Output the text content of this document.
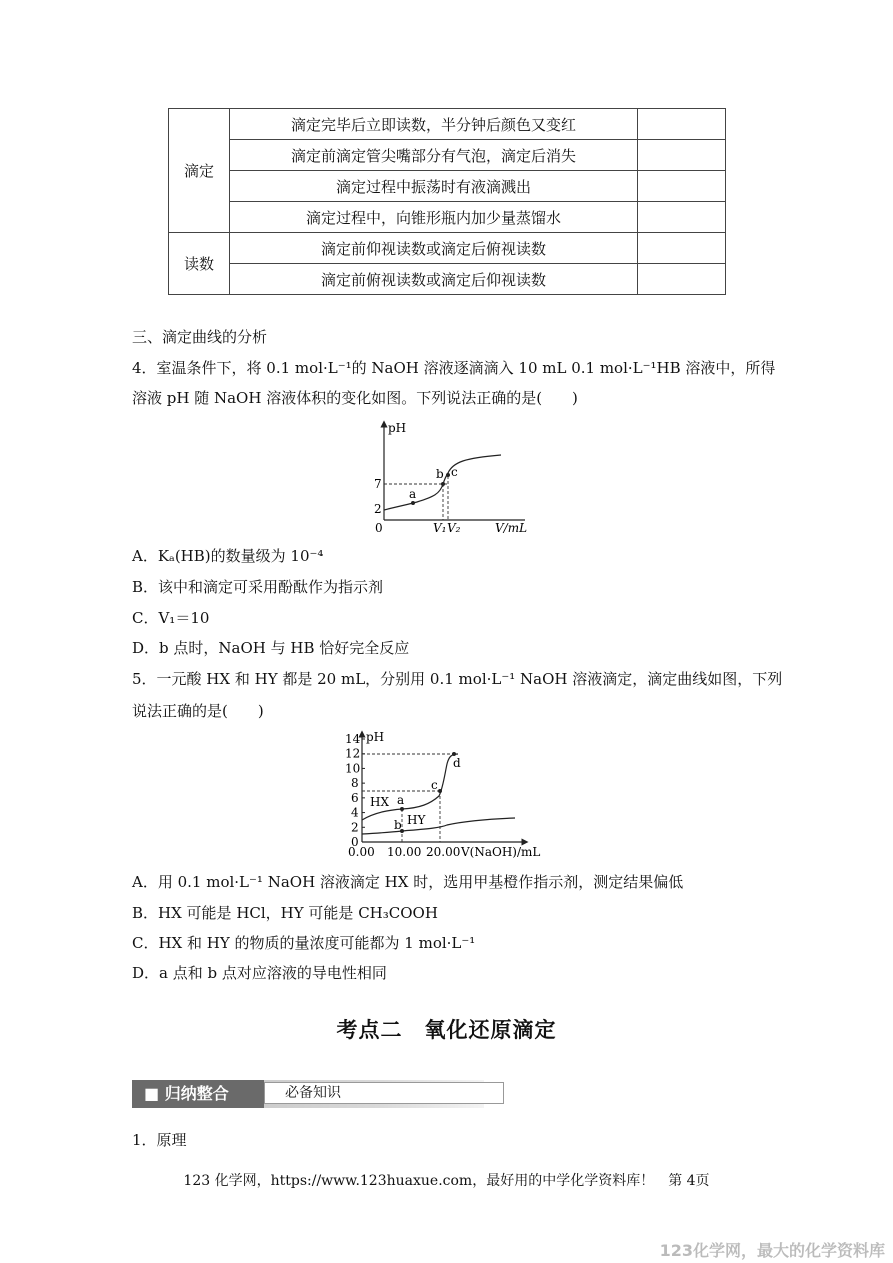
滴定	滴定完毕后立即读数，半分钟后颜色又变红	
	滴定前滴定管尖嘴部分有气泡，滴定后消失	
	滴定过程中振荡时有液滴溅出	
	滴定过程中，向锥形瓶内加少量蒸馏水	
读数	滴定前仰视读数或滴定后俯视读数	
	滴定前俯视读数或滴定后仰视读数	
三、滴定曲线的分析
4．室温条件下，将 0.1 mol·L⁻¹的 NaOH 溶液逐滴滴入 10 mL 0.1 mol·L⁻¹HB 溶液中，所得
溶液 pH 随 NaOH 溶液体积的变化如图。下列说法正确的是(　　)
pH
0
2
7
a
b c
V₁ V₂	V/mL
A．Kₐ(HB)的数量级为 10⁻⁴
B．该中和滴定可采用酚酞作为指示剂
C．V₁＝10
D．b 点时，NaOH 与 HB 恰好完全反应
5．一元酸 HX 和 HY 都是 20 mL，分别用 0.1 mol·L⁻¹ NaOH 溶液滴定，滴定曲线如图，下列
说法正确的是(　　)
pH
0
2
4
6
8
10
12
14
0.00 10.00 20.00
HX
HY
a
b
c
d
V(NaOH)/mL
A．用 0.1 mol·L⁻¹ NaOH 溶液滴定 HX 时，选用甲基橙作指示剂，测定结果偏低
B．HX 可能是 HCl，HY 可能是 CH₃COOH
C．HX 和 HY 的物质的量浓度可能都为 1 mol·L⁻¹
D．a 点和 b 点对应溶液的导电性相同
考点二　氧化还原滴定
■ 归纳整合	必备知识
1．原理
123 化学网，https://www.123huaxue.com，最好用的中学化学资料库！　第 4页
123化学网，最大的化学资料库
